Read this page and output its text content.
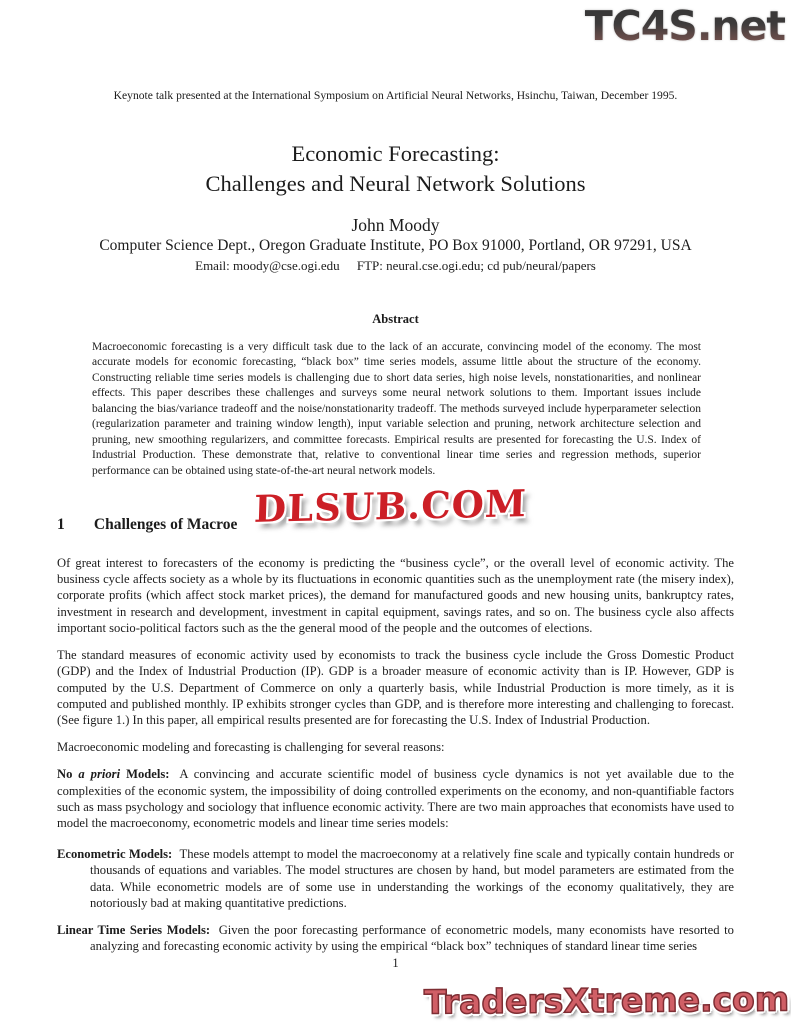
TC4S.net
Keynote talk presented at the International Symposium on Artificial Neural Networks, Hsinchu, Taiwan, December 1995.
Economic Forecasting:
Challenges and Neural Network Solutions
John Moody
Computer Science Dept., Oregon Graduate Institute, PO Box 91000, Portland, OR 97291, USA
Email: moody@cse.ogi.edu FTP: neural.cse.ogi.edu; cd pub/neural/papers
Abstract
Macroeconomic forecasting is a very difficult task due to the lack of an accurate, convincing model of the economy. The most accurate models for economic forecasting, “black box” time series models, assume little about the structure of the economy. Constructing reliable time series models is challenging due to short data series, high noise levels, nonstationarities, and nonlinear effects. This paper describes these challenges and surveys some neural network solutions to them. Important issues include balancing the bias/variance tradeoff and the noise/nonstationarity tradeoff. The methods surveyed include hyperparameter selection (regularization parameter and training window length), input variable selection and pruning, network architecture selection and pruning, new smoothing regularizers, and committee forecasts. Empirical results are presented for forecasting the U.S. Index of Industrial Production. These demonstrate that, relative to conventional linear time series and regression methods, superior performance can be obtained using state-of-the-art neural network models.
1 Challenges of Macroe
Of great interest to forecasters of the economy is predicting the “business cycle”, or the overall level of economic activity. The business cycle affects society as a whole by its fluctuations in economic quantities such as the unemployment rate (the misery index), corporate profits (which affect stock market prices), the demand for manufactured goods and new housing units, bankruptcy rates, investment in research and development, investment in capital equipment, savings rates, and so on. The business cycle also affects important socio-political factors such as the the general mood of the people and the outcomes of elections.
The standard measures of economic activity used by economists to track the business cycle include the Gross Domestic Product (GDP) and the Index of Industrial Production (IP). GDP is a broader measure of economic activity than is IP. However, GDP is computed by the U.S. Department of Commerce on only a quarterly basis, while Industrial Production is more timely, as it is computed and published monthly. IP exhibits stronger cycles than GDP, and is therefore more interesting and challenging to forecast. (See figure 1.) In this paper, all empirical results presented are for forecasting the U.S. Index of Industrial Production.
Macroeconomic modeling and forecasting is challenging for several reasons:
No a priori Models: A convincing and accurate scientific model of business cycle dynamics is not yet available due to the complexities of the economic system, the impossibility of doing controlled experiments on the economy, and non-quantifiable factors such as mass psychology and sociology that influence economic activity. There are two main approaches that economists have used to model the macroeconomy, econometric models and linear time series models:
Econometric Models: These models attempt to model the macroeconomy at a relatively fine scale and typically contain hundreds or thousands of equations and variables. The model structures are chosen by hand, but model parameters are estimated from the data. While econometric models are of some use in understanding the workings of the economy qualitatively, they are notoriously bad at making quantitative predictions.
Linear Time Series Models: Given the poor forecasting performance of econometric models, many economists have resorted to analyzing and forecasting economic activity by using the empirical “black box” techniques of standard linear time series
DLSUB.COM
1
TradersXtreme.com
